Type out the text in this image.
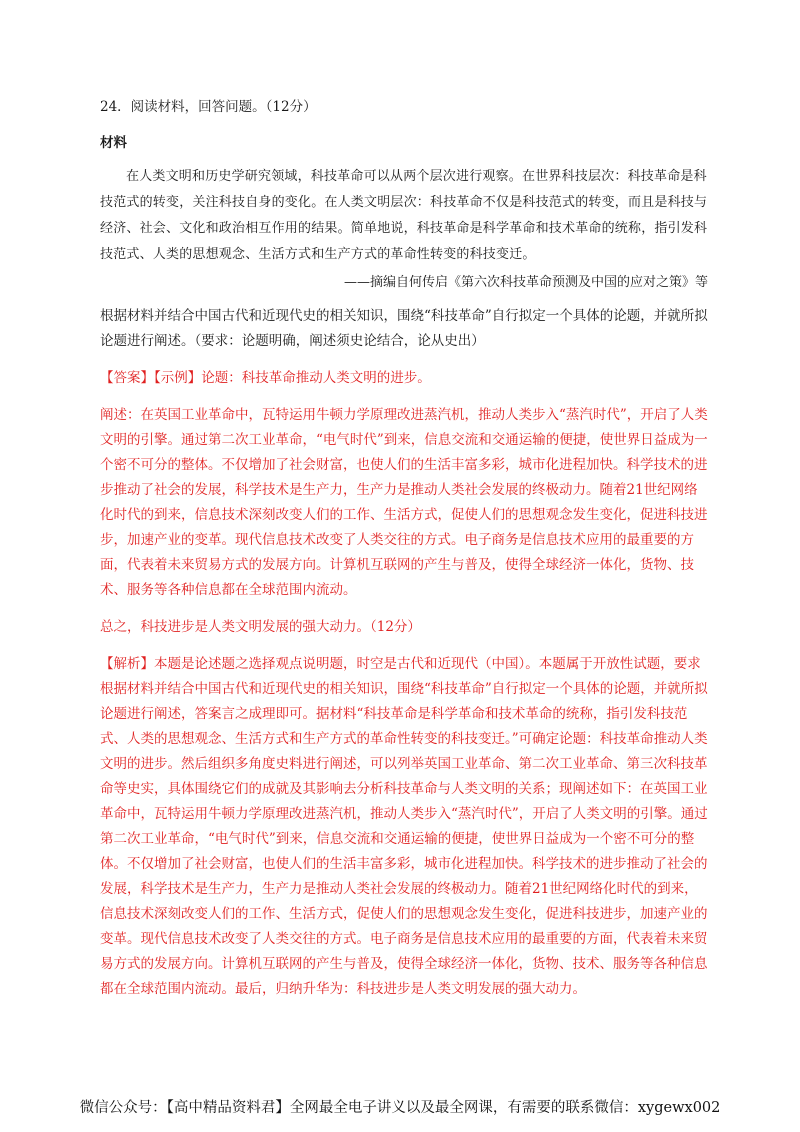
24．阅读材料，回答问题。（12分）

材料

在人类文明和历史学研究领域，科技革命可以从两个层次进行观察。在世界科技层次：科技革命是科技范式的转变，关注科技自身的变化。在人类文明层次：科技革命不仅是科技范式的转变，而且是科技与经济、社会、文化和政治相互作用的结果。简单地说，科技革命是科学革命和技术革命的统称，指引发科技范式、人类的思想观念、生活方式和生产方式的革命性转变的科技变迁。

——摘编自何传启《第六次科技革命预测及中国的应对之策》等

根据材料并结合中国古代和近现代史的相关知识，围绕“科技革命”自行拟定一个具体的论题，并就所拟论题进行阐述。（要求：论题明确，阐述须史论结合，论从史出）

【答案】【示例】论题：科技革命推动人类文明的进步。

阐述：在英国工业革命中，瓦特运用牛顿力学原理改进蒸汽机，推动人类步入“蒸汽时代”，开启了人类文明的引擎。通过第二次工业革命，“电气时代”到来，信息交流和交通运输的便捷，使世界日益成为一个密不可分的整体。不仅增加了社会财富，也使人们的生活丰富多彩，城市化进程加快。科学技术的进步推动了社会的发展，科学技术是生产力，生产力是推动人类社会发展的终极动力。随着21世纪网络化时代的到来，信息技术深刻改变人们的工作、生活方式，促使人们的思想观念发生变化，促进科技进步，加速产业的变革。现代信息技术改变了人类交往的方式。电子商务是信息技术应用的最重要的方面，代表着未来贸易方式的发展方向。计算机互联网的产生与普及，使得全球经济一体化，货物、技术、服务等各种信息都在全球范围内流动。

总之，科技进步是人类文明发展的强大动力。（12分）

【解析】本题是论述题之选择观点说明题，时空是古代和近现代（中国）。本题属于开放性试题，要求根据材料并结合中国古代和近现代史的相关知识，围绕“科技革命”自行拟定一个具体的论题，并就所拟论题进行阐述，答案言之成理即可。据材料“科技革命是科学革命和技术革命的统称，指引发科技范式、人类的思想观念、生活方式和生产方式的革命性转变的科技变迁。”可确定论题：科技革命推动人类文明的进步。然后组织多角度史料进行阐述，可以列举英国工业革命、第二次工业革命、第三次科技革命等史实，具体围绕它们的成就及其影响去分析科技革命与人类文明的关系；现阐述如下：在英国工业革命中，瓦特运用牛顿力学原理改进蒸汽机，推动人类步入“蒸汽时代”，开启了人类文明的引擎。通过第二次工业革命，“电气时代”到来，信息交流和交通运输的便捷，使世界日益成为一个密不可分的整体。不仅增加了社会财富，也使人们的生活丰富多彩，城市化进程加快。科学技术的进步推动了社会的发展，科学技术是生产力，生产力是推动人类社会发展的终极动力。随着21世纪网络化时代的到来，信息技术深刻改变人们的工作、生活方式，促使人们的思想观念发生变化，促进科技进步，加速产业的变革。现代信息技术改变了人类交往的方式。电子商务是信息技术应用的最重要的方面，代表着未来贸易方式的发展方向。计算机互联网的产生与普及，使得全球经济一体化，货物、技术、服务等各种信息都在全球范围内流动。最后，归纳升华为：科技进步是人类文明发展的强大动力。

微信公众号：【高中精品资料君】全网最全电子讲义以及最全网课，有需要的联系微信：xygewx002
